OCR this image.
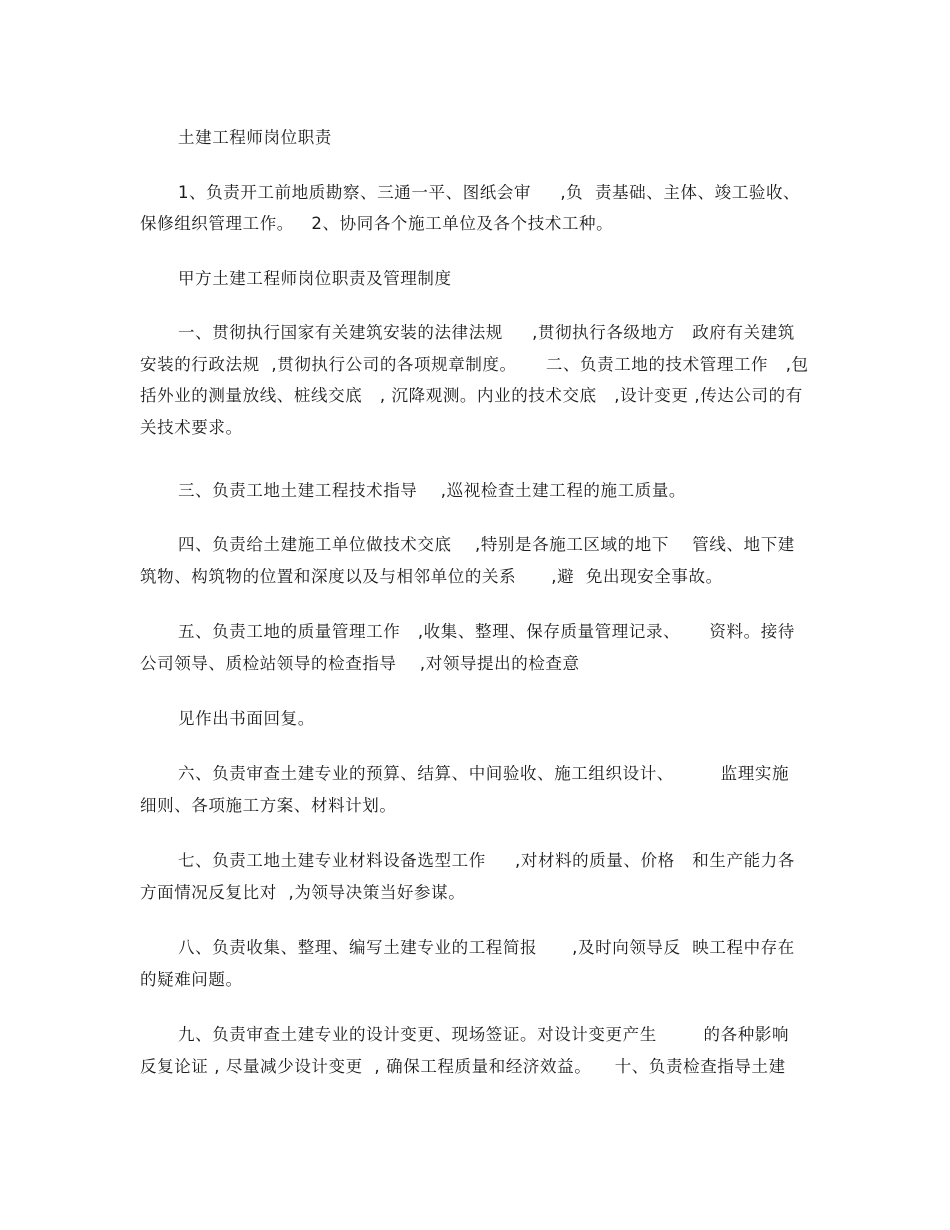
土建工程师岗位职责
1、负责开工前地质勘察、三通一平、图纸会审     ,负  责基础、主体、竣工验收、
保修组织管理工作。   2、协同各个施工单位及各个技术工种。
甲方土建工程师岗位职责及管理制度
一、贯彻执行国家有关建筑安装的法律法规     ,贯彻执行各级地方   政府有关建筑
安装的行政法规  ,贯彻执行公司的各项规章制度。     二、负责工地的技术管理工作   ,包
括外业的测量放线、桩线交底   , 沉降观测。内业的技术交底   ,设计变更 ,传达公司的有
关技术要求。
三、负责工地土建工程技术指导    ,巡视检查土建工程的施工质量。
四、负责给土建施工单位做技术交底    ,特别是各施工区域的地下    管线、地下建
筑物、构筑物的位置和深度以及与相邻单位的关系      ,避  免出现安全事故。
五、负责工地的质量管理工作   ,收集、整理、保存质量管理记录、     资料。接待
公司领导、质检站领导的检查指导    ,对领导提出的检查意
见作出书面回复。
六、负责审查土建专业的预算、结算、中间验收、施工组织设计、        监理实施
细则、各项施工方案、材料计划。
七、负责工地土建专业材料设备选型工作     ,对材料的质量、价格   和生产能力各
方面情况反复比对  ,为领导决策当好参谋。
八、负责收集、整理、编写土建专业的工程简报      ,及时向领导反  映工程中存在
的疑难问题。
九、负责审查土建专业的设计变更、现场签证。对设计变更产生        的各种影响
反复论证 , 尽量减少设计变更  , 确保工程质量和经济效益。    十、负责检查指导土建
